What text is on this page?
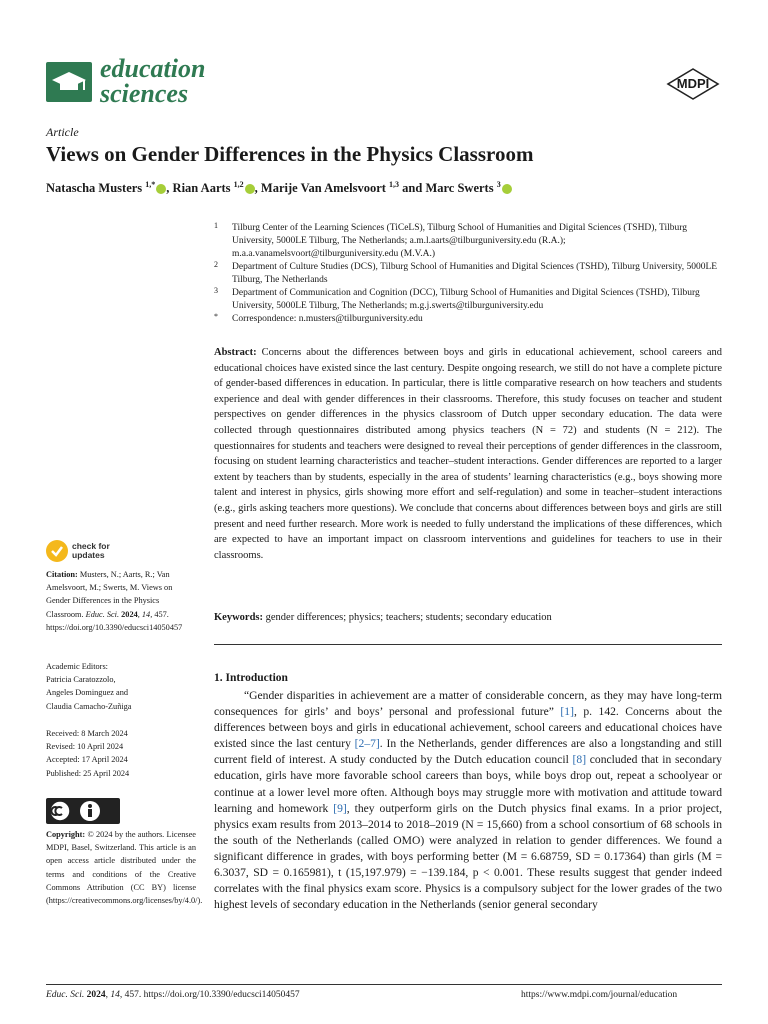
education
sciences	MDPI
Article
Views on Gender Differences in the Physics Classroom
Natascha Musters $^{1,*}$ , Rian Aarts $^{1,2}$ , Marije Van Amelsvoort $^{1,3}$ and Marc Swerts $^3$
1 Tilburg Center of the Learning Sciences (TiCeLS), Tilburg School of Humanities and Digital Sciences (TSHD), Tilburg University, 5000LE Tilburg, The Netherlands; a.m.l.aarts@tilburguniversity.edu (R.A.); m.a.a.vanamelsvoort@tilburguniversity.edu (M.V.A.)
2 Department of Culture Studies (DCS), Tilburg School of Humanities and Digital Sciences (TSHD), Tilburg University, 5000LE Tilburg, The Netherlands
3 Department of Communication and Cognition (DCC), Tilburg School of Humanities and Digital Sciences (TSHD), Tilburg University, 5000LE Tilburg, The Netherlands; m.g.j.swerts@tilburguniversity.edu
* Correspondence: n.musters@tilburguniversity.edu
Abstract: Concerns about the differences between boys and girls in educational achievement, school careers and educational choices have existed since the last century. Despite ongoing research, we still do not have a complete picture of gender-based differences in education. In particular, there is little comparative research on how teachers and students experience and deal with gender differences in their classrooms. Therefore, this study focuses on teacher and student perspectives on gender differences in the physics classroom of Dutch upper secondary education. The data were collected through questionnaires distributed among physics teachers (N = 72) and students (N = 212). The questionnaires for students and teachers were designed to reveal their perceptions of gender differences in the classroom, focusing on student learning characteristics and teacher–student interactions. Gender differences are reported to a larger extent by teachers than by students, especially in the area of students’ learning characteristics (e.g., boys showing more talent and interest in physics, girls showing more effort and self-regulation) and some in teacher–student interactions (e.g., girls asking teachers more questions). We conclude that concerns about differences between boys and girls are still present and need further research. More work is needed to fully understand the implications of these differences, which are expected to have an important impact on classroom interventions and guidelines for teachers to use in their classrooms.
Keywords: gender differences; physics; teachers; students; secondary education
1. Introduction
“Gender disparities in achievement are a matter of considerable concern, as they may have long-term consequences for girls’ and boys’ personal and professional future” [1], p. 142. Concerns about the differences between boys and girls in educational achievement, school careers and educational choices have existed since the last century [2–7]. In the Netherlands, gender differences are also a longstanding and still current field of interest. A study conducted by the Dutch education council [8] concluded that in secondary education, girls have more favorable school careers than boys, while boys drop out, repeat a schoolyear or continue at a lower level more often. Although boys may struggle more with motivation and attitude toward learning and homework [9], they outperform girls on the Dutch physics final exams. In a prior project, physics exam results from 2013–2014 to 2018–2019 (N = 15,660) from a school consortium of 68 schools in the south of the Netherlands (called OMO) were analyzed in relation to gender differences. We found a significant difference in grades, with boys performing better (M = 6.68759, SD = 0.17364) than girls (M = 6.3037, SD = 0.165981), t (15,197.979) = −139.184, p < 0.001. These results suggest that gender indeed correlates with the final physics exam score. Physics is a compulsory subject for the lower grades of the two highest levels of secondary education in the Netherlands (senior general secondary
check for
updates
Citation: Musters, N.; Aarts, R.; Van Amelsvoort, M.; Swerts, M. Views on Gender Differences in the Physics Classroom. Educ. Sci. 2024, 14, 457. https://doi.org/10.3390/educsci14050457
Academic Editors:
Patricia Caratozzolo,
Angeles Dominguez and
Claudia Camacho-Zuñiga
Received: 8 March 2024
Revised: 10 April 2024
Accepted: 17 April 2024
Published: 25 April 2024
Copyright: © 2024 by the authors. Licensee MDPI, Basel, Switzerland. This article is an open access article distributed under the terms and conditions of the Creative Commons Attribution (CC BY) license (https://creativecommons.org/licenses/by/4.0/).
Educ. Sci. 2024, 14, 457. https://doi.org/10.3390/educsci14050457	https://www.mdpi.com/journal/education
